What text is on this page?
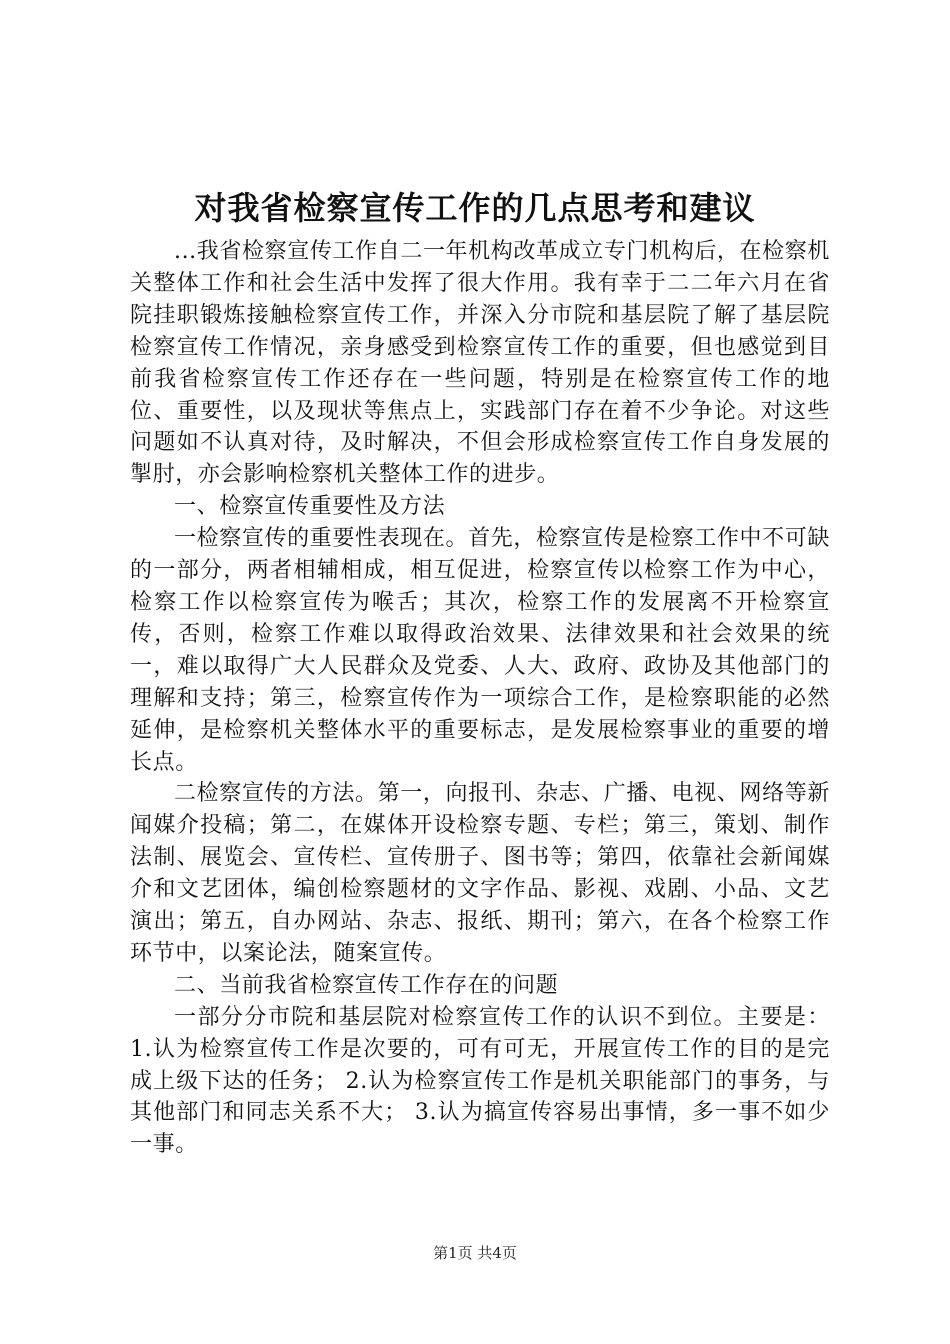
对我省检察宣传工作的几点思考和建议

...我省检察宣传工作自二一年机构改革成立专门机构后，在检察机关整体工作和社会生活中发挥了很大作用。我有幸于二二年六月在省院挂职锻炼接触检察宣传工作，并深入分市院和基层院了解了基层院检察宣传工作情况，亲身感受到检察宣传工作的重要，但也感觉到目前我省检察宣传工作还存在一些问题，特别是在检察宣传工作的地位、重要性，以及现状等焦点上，实践部门存在着不少争论。对这些问题如不认真对待，及时解决，不但会形成检察宣传工作自身发展的掣肘，亦会影响检察机关整体工作的进步。

一、检察宣传重要性及方法

一检察宣传的重要性表现在。首先，检察宣传是检察工作中不可缺的一部分，两者相辅相成，相互促进，检察宣传以检察工作为中心，检察工作以检察宣传为喉舌；其次，检察工作的发展离不开检察宣传，否则，检察工作难以取得政治效果、法律效果和社会效果的统一，难以取得广大人民群众及党委、人大、政府、政协及其他部门的理解和支持；第三，检察宣传作为一项综合工作，是检察职能的必然延伸，是检察机关整体水平的重要标志，是发展检察事业的重要的增长点。

二检察宣传的方法。第一，向报刊、杂志、广播、电视、网络等新闻媒介投稿；第二，在媒体开设检察专题、专栏；第三，策划、制作法制、展览会、宣传栏、宣传册子、图书等；第四，依靠社会新闻媒介和文艺团体，编创检察题材的文字作品、影视、戏剧、小品、文艺演出；第五，自办网站、杂志、报纸、期刊；第六，在各个检察工作环节中，以案论法，随案宣传。

二、当前我省检察宣传工作存在的问题

一部分分市院和基层院对检察宣传工作的认识不到位。主要是： 1.认为检察宣传工作是次要的，可有可无，开展宣传工作的目的是完成上级下达的任务； 2.认为检察宣传工作是机关职能部门的事务，与其他部门和同志关系不大； 3.认为搞宣传容易出事情，多一事不如少一事。

第1页 共4页
